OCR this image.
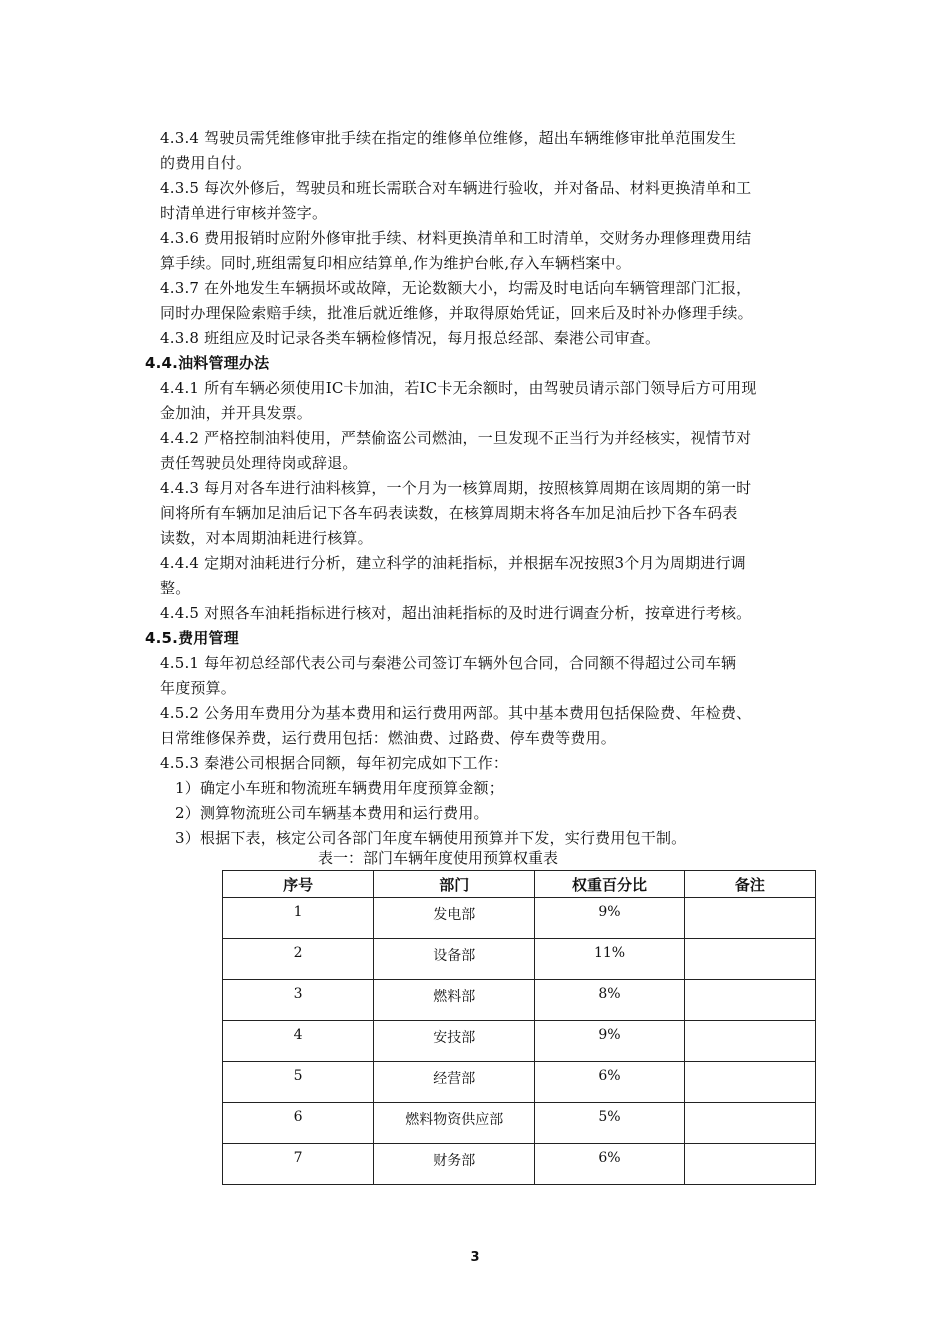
4.3.4 驾驶员需凭维修审批手续在指定的维修单位维修，超出车辆维修审批单范围发生
的费用自付。
4.3.5 每次外修后，驾驶员和班长需联合对车辆进行验收，并对备品、材料更换清单和工
时清单进行审核并签字。
4.3.6 费用报销时应附外修审批手续、材料更换清单和工时清单，交财务办理修理费用结
算手续。同时,班组需复印相应结算单,作为维护台帐,存入车辆档案中。
4.3.7 在外地发生车辆损坏或故障，无论数额大小，均需及时电话向车辆管理部门汇报，
同时办理保险索赔手续，批准后就近维修，并取得原始凭证，回来后及时补办修理手续。
4.3.8 班组应及时记录各类车辆检修情况，每月报总经部、秦港公司审查。
4.4.油料管理办法
4.4.1 所有车辆必须使用IC卡加油，若IC卡无余额时，由驾驶员请示部门领导后方可用现
金加油，并开具发票。
4.4.2 严格控制油料使用，严禁偷盗公司燃油，一旦发现不正当行为并经核实，视情节对
责任驾驶员处理待岗或辞退。
4.4.3 每月对各车进行油料核算，一个月为一核算周期，按照核算周期在该周期的第一时
间将所有车辆加足油后记下各车码表读数，在核算周期末将各车加足油后抄下各车码表
读数，对本周期油耗进行核算。
4.4.4 定期对油耗进行分析，建立科学的油耗指标，并根据车况按照3个月为周期进行调
整。
4.4.5 对照各车油耗指标进行核对，超出油耗指标的及时进行调查分析，按章进行考核。
4.5.费用管理
4.5.1 每年初总经部代表公司与秦港公司签订车辆外包合同，合同额不得超过公司车辆
年度预算。
4.5.2 公务用车费用分为基本费用和运行费用两部。其中基本费用包括保险费、年检费、
日常维修保养费，运行费用包括：燃油费、过路费、停车费等费用。
4.5.3 秦港公司根据合同额，每年初完成如下工作：
1）确定小车班和物流班车辆费用年度预算金额；
2）测算物流班公司车辆基本费用和运行费用。
3）根据下表，核定公司各部门年度车辆使用预算并下发，实行费用包干制。
表一：部门车辆年度使用预算权重表
序号	部门	权重百分比	备注
1	发电部	9%	
2	设备部	11%	
3	燃料部	8%	
4	安技部	9%	
5	经营部	6%	
6	燃料物资供应部	5%	
7	财务部	6%	
3
